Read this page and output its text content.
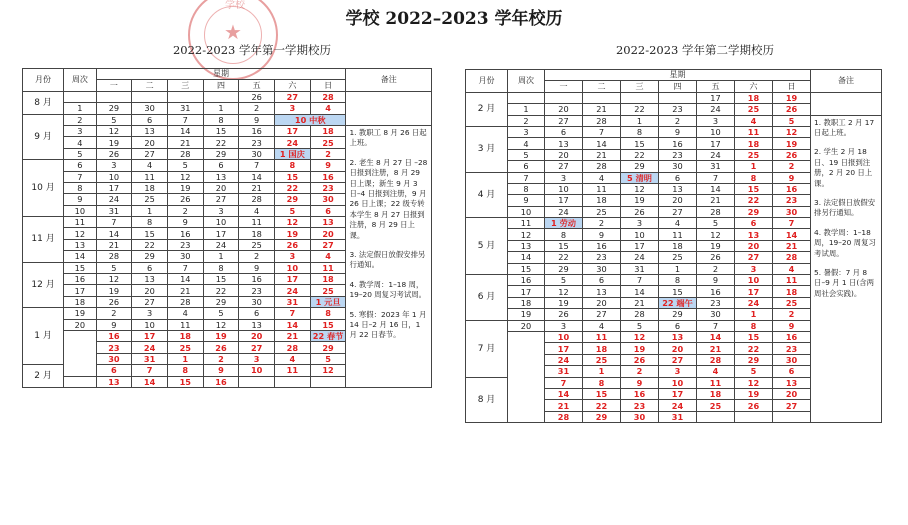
学校 2022–2023 学年校历
★
学校
2022-2023 学年第一学期校历	2022-2023 学年第二学期校历
月份	周次	星期							备注
		一	二	三	四	五	六	日	
8 月						26	27	28	
	1	29	30	31	1	2	3	4	
9 月	2	5	6	7	8	9	10 中秋		
	3	12	13	14	15	16	17	18	1. 教职工 8 月 26 日起上班。

2. 老生 8 月 27 日 –28 日报到注册，8 月 29 日上课；新生 9 月 3 日–4 日报到注册，9 月 26 日上课；22 级专转本学生 8 月 27 日报到注册，8 月 29 日上课。

3. 法定假日放假安排另行通知。

4. 教学周：1–18 周，19–20 周复习考试周。

5. 寒假：2023 年 1 月 14 日–2 月 16 日，1 月 22 日春节。

	4	19	20	21	22	23	24	25	
	5	26	27	28	29	30	1 国庆	2	
10 月	6	3	4	5	6	7	8	9	
	7	10	11	12	13	14	15	16	
	8	17	18	19	20	21	22	23	
	9	24	25	26	27	28	29	30	
	10	31	1	2	3	4	5	6	
11 月	11	7	8	9	10	11	12	13	
	12	14	15	16	17	18	19	20	
	13	21	22	23	24	25	26	27	
	14	28	29	30	1	2	3	4	
12 月	15	5	6	7	8	9	10	11	
	16	12	13	14	15	16	17	18	
	17	19	20	21	22	23	24	25	
	18	26	27	28	29	30	31	1 元旦	
1 月	19	2	3	4	5	6	7	8	
	20	9	10	11	12	13	14	15	
		16	17	18	19	20	21	22 春节	
		23	24	25	26	27	28	29	
		30	31	1	2	3	4	5	
2 月		6	7	8	9	10	11	12	
		13	14	15	16				
月份	周次	星期							备注
		一	二	三	四	五	六	日	
2 月						17	18	19	
	1	20	21	22	23	24	25	26	
	2	27	28	1	2	3	4	5	1. 教职工 2 月 17 日起上班。

2. 学生 2 月 18 日、19 日报到注册，2 月 20 日上课。

3. 法定假日放假安排另行通知。

4. 教学周：1–18 周，19–20 周复习考试周。

5. 暑假：7 月 8 日–9 月 1 日(含两周社会实践)。

3 月	3	6	7	8	9	10	11	12	
	4	13	14	15	16	17	18	19	
	5	20	21	22	23	24	25	26	
	6	27	28	29	30	31	1	2	
4 月	7	3	4	5 清明	6	7	8	9	
	8	10	11	12	13	14	15	16	
	9	17	18	19	20	21	22	23	
	10	24	25	26	27	28	29	30	
5 月	11	1 劳动	2	3	4	5	6	7	
	12	8	9	10	11	12	13	14	
	13	15	16	17	18	19	20	21	
	14	22	23	24	25	26	27	28	
	15	29	30	31	1	2	3	4	
6 月	16	5	6	7	8	9	10	11	
	17	12	13	14	15	16	17	18	
	18	19	20	21	22 端午	23	24	25	
	19	26	27	28	29	30	1	2	
7 月	20	3	4	5	6	7	8	9	
		10	11	12	13	14	15	16	
		17	18	19	20	21	22	23	
		24	25	26	27	28	29	30	
		31	1	2	3	4	5	6	
8 月		7	8	9	10	11	12	13	
		14	15	16	17	18	19	20	
		21	22	23	24	25	26	27	
		28	29	30	31				
